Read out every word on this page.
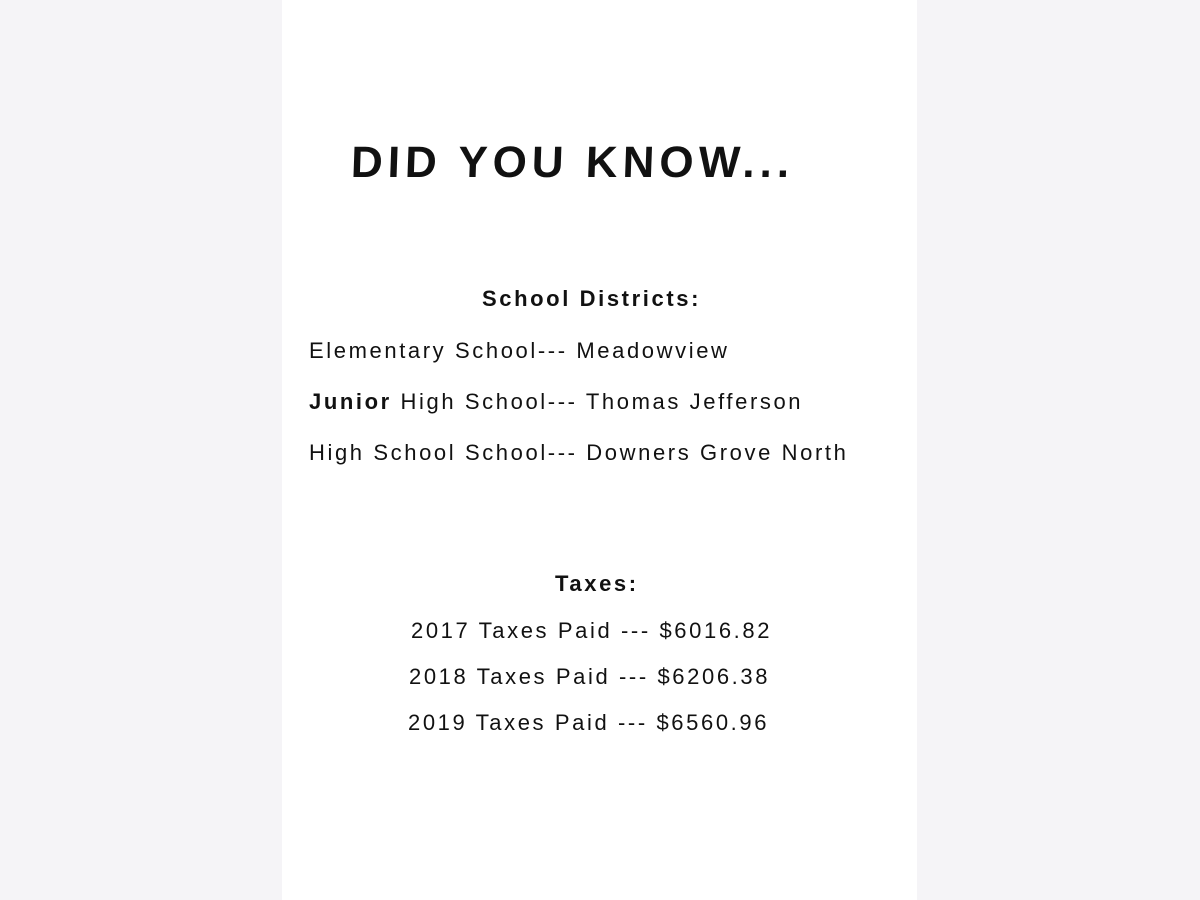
DID YOU KNOW...
School Districts:
Elementary School--- Meadowview
Junior High School--- Thomas Jefferson
High School School--- Downers Grove North
Taxes:
2017 Taxes Paid --- $6016.82
2018 Taxes Paid --- $6206.38
2019 Taxes Paid --- $6560.96
